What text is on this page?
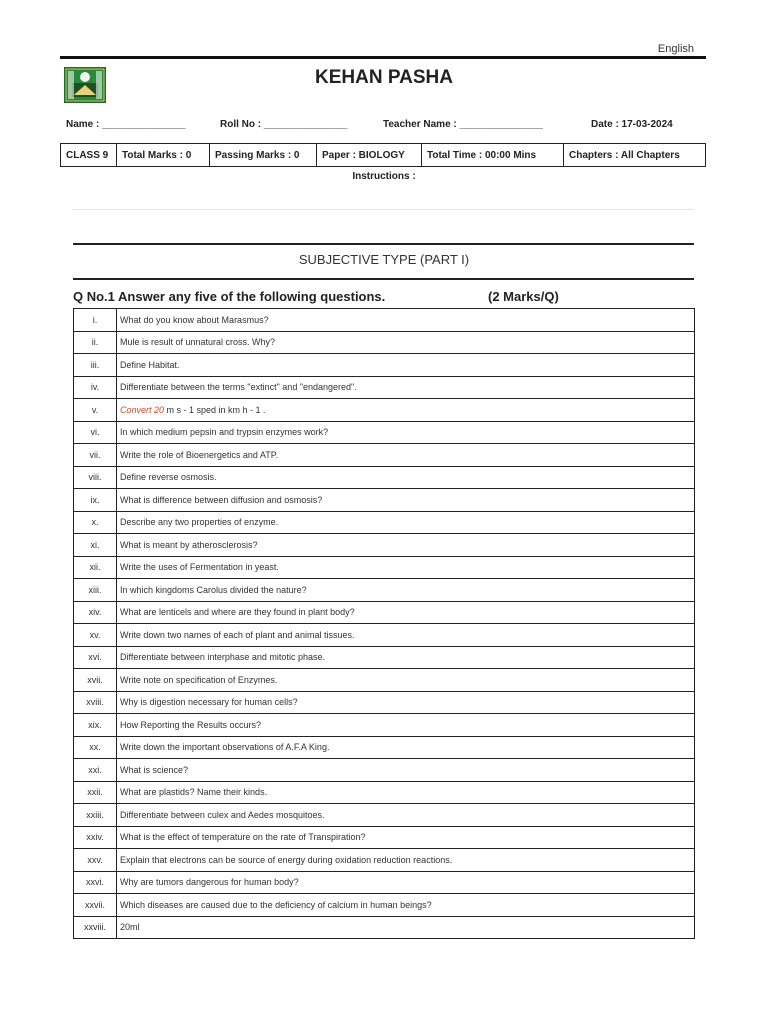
English
KEHAN PASHA
Name : _______________	Roll No : _______________	Teacher Name : _______________	Date : 17-03-2024
CLASS 9	Total Marks : 0	Passing Marks : 0	Paper : BIOLOGY	Total Time : 00:00 Mins	Chapters : All Chapters
Instructions :
SUBJECTIVE TYPE (PART I)
Q No.1 Answer any five of the following questions.	(2 Marks/Q)
i.	What do you know about Marasmus?
ii.	Mule is result of unnatural cross. Why?
iii.	Define Habitat.
iv.	Differentiate between the terms "extinct" and "endangered".
v.	Convert 20 m s - 1 sped in km h - 1 .
vi.	In which medium pepsin and trypsin enzymes work?
vii.	Write the role of Bioenergetics and ATP.
viii.	Define reverse osmosis.
ix.	What is difference between diffusion and osmosis?
x.	Describe any two properties of enzyme.
xi.	What is meant by atherosclerosis?
xii.	Write the uses of Fermentation in yeast.
xiii.	In which kingdoms Carolus divided the nature?
xiv.	What are lenticels and where are they found in plant body?
xv.	Write down two names of each of plant and animal tissues.
xvi.	Differentiate between interphase and mitotic phase.
xvii.	Write note on specification of Enzymes.
xviii.	Why is digestion necessary for human cells?
xix.	How Reporting the Results occurs?
xx.	Write down the important observations of A.F.A King.
xxi.	What is science?
xxii.	What are plastids? Name their kinds.
xxiii.	Differentiate between culex and Aedes mosquitoes.
xxiv.	What is the effect of temperature on the rate of Transpiration?
xxv.	Explain that electrons can be source of energy during oxidation reduction reactions.
xxvi.	Why are tumors dangerous for human body?
xxvii.	Which diseases are caused due to the deficiency of calcium in human beings?
xxviii.	20ml
